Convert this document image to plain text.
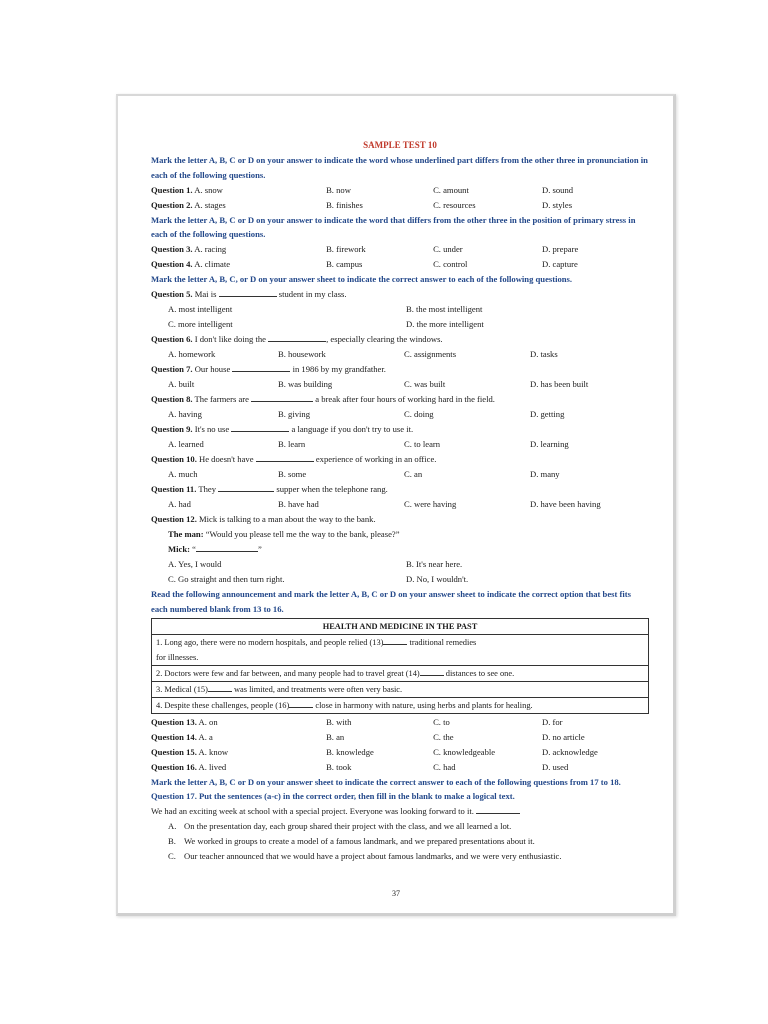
SAMPLE TEST 10
Mark the letter A, B, C or D on your answer to indicate the word whose underlined part differs from the other three in pronunciation in each of the following questions.
Question 1. A. snow	B. now	C. amount	D. sound
Question 2. A. stages	B. finishes	C. resources	D. styles
Mark the letter A, B, C or D on your answer to indicate the word that differs from the other three in the position of primary stress in each of the following questions.
Question 3. A. racing	B. firework	C. under	D. prepare
Question 4. A. climate	B. campus	C. control	D. capture
Mark the letter A, B, C, or D on your answer sheet to indicate the correct answer to each of the following questions.
Question 5. Mai is	student in my class.
A. most intelligent	B. the most intelligent
C. more intelligent	D. the more intelligent
Question 6. I don't like doing the	, especially clearing the windows.
A. homework	B. housework	C. assignments	D. tasks
Question 7. Our house	in 1986 by my grandfather.
A. built	B. was building	C. was built	D. has been built
Question 8. The farmers are	a break after four hours of working hard in the field.
A. having	B. giving	C. doing	D. getting
Question 9. It's no use	a language if you don't try to use it.
A. learned	B. learn	C. to learn	D. learning
Question 10. He doesn't have	experience of working in an office.
A. much	B. some	C. an	D. many
Question 11. They	supper when the telephone rang.
A. had	B. have had	C. were having	D. have been having
Question 12. Mick is talking to a man about the way to the bank.
The man: “Would you please tell me the way to the bank, please?”
Mick: “	”
A. Yes, I would	B. It's near here.
C. Go straight and then turn right.	D. No, I wouldn't.
Read the following announcement and mark the letter A, B, C or D on your answer sheet to indicate the correct option that best fits each numbered blank from 13 to 16.
HEALTH AND MEDICINE IN THE PAST
1. Long ago, there were no modern hospitals, and people relied (13)	traditional remedies
for illnesses.
2. Doctors were few and far between, and many people had to travel great (14)	distances to see one.
3. Medical (15)	was limited, and treatments were often very basic.
4. Despite these challenges, people (16)	close in harmony with nature, using herbs and plants for healing.
Question 13. A. on	B. with	C. to	D. for
Question 14. A. a	B. an	C. the	D. no article
Question 15. A. know	B. knowledge	C. knowledgeable	D. acknowledge
Question 16. A. lived	B. took	C. had	D. used
Mark the letter A, B, C or D on your answer sheet to indicate the correct answer to each of the following questions from 17 to 18.
Question 17. Put the sentences (a-c) in the correct order, then fill in the blank to make a logical text.
We had an exciting week at school with a special project. Everyone was looking forward to it.
A. On the presentation day, each group shared their project with the class, and we all learned a lot.
B. We worked in groups to create a model of a famous landmark, and we prepared presentations about it.
C. Our teacher announced that we would have a project about famous landmarks, and we were very enthusiastic.
37
